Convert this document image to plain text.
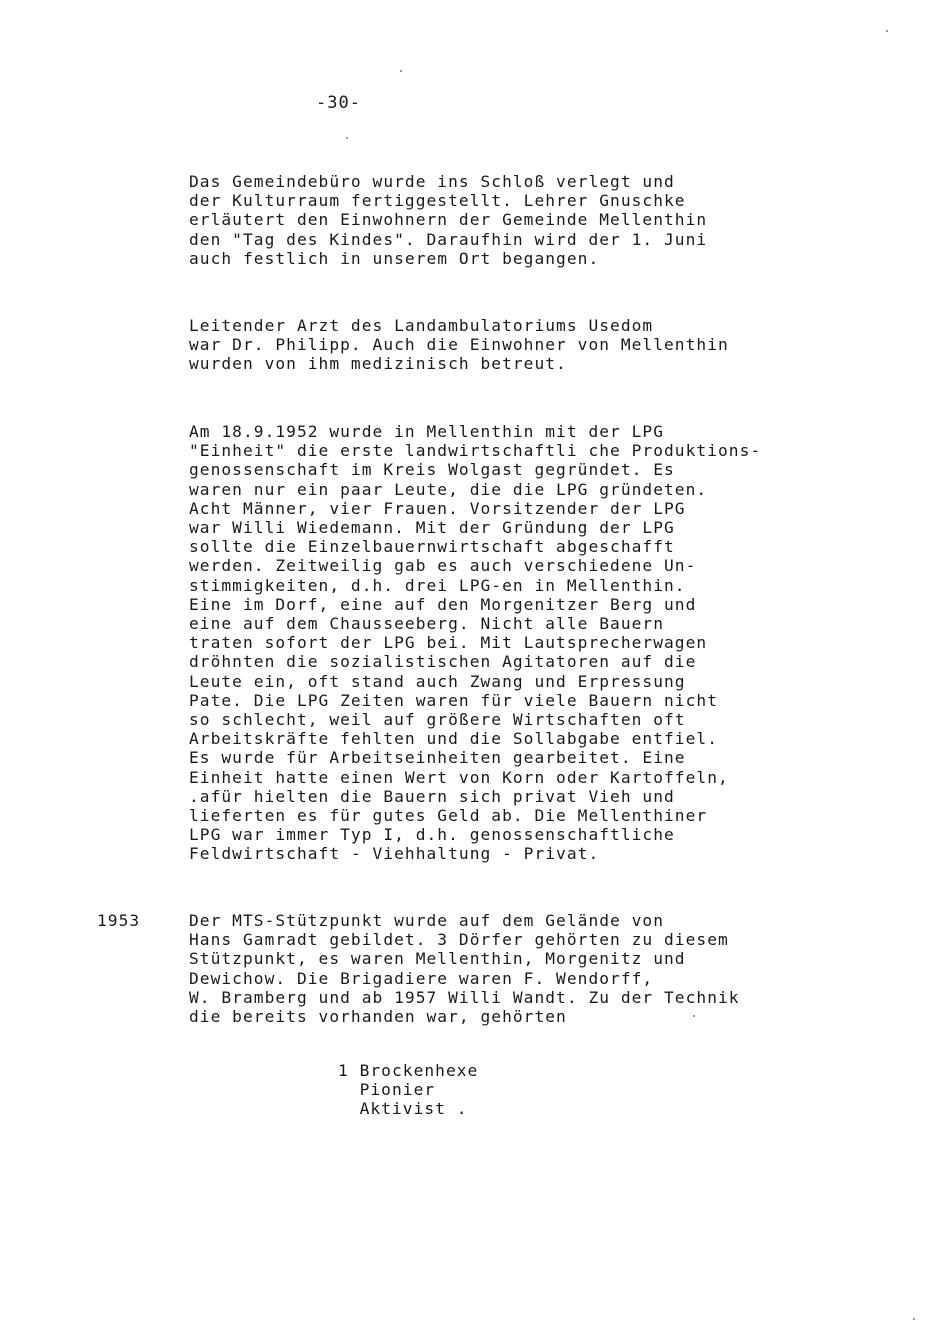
-30-

Das Gemeindebüro wurde ins Schloß verlegt und
der Kulturraum fertiggestellt. Lehrer Gnuschke
erläutert den Einwohnern der Gemeinde Mellenthin
den "Tag des Kindes". Daraufhin wird der 1. Juni
auch festlich in unserem Ort begangen.

Leitender Arzt des Landambulatoriums Usedom
war Dr. Philipp. Auch die Einwohner von Mellenthin
wurden von ihm medizinisch betreut.

Am 18.9.1952 wurde in Mellenthin mit der LPG
"Einheit" die erste landwirtschaftli che Produktions-
genossenschaft im Kreis Wolgast gegründet. Es
waren nur ein paar Leute, die die LPG gründeten.
Acht Männer, vier Frauen. Vorsitzender der LPG
war Willi Wiedemann. Mit der Gründung der LPG
sollte die Einzelbauernwirtschaft abgeschafft
werden. Zeitweilig gab es auch verschiedene Un-
stimmigkeiten, d.h. drei LPG-en in Mellenthin.
Eine im Dorf, eine auf den Morgenitzer Berg und
eine auf dem Chausseeberg. Nicht alle Bauern
traten sofort der LPG bei. Mit Lautsprecherwagen
dröhnten die sozialistischen Agitatoren auf die
Leute ein, oft stand auch Zwang und Erpressung
Pate. Die LPG Zeiten waren für viele Bauern nicht
so schlecht, weil auf größere Wirtschaften oft
Arbeitskräfte fehlten und die Sollabgabe entfiel.
Es wurde für Arbeitseinheiten gearbeitet. Eine
Einheit hatte einen Wert von Korn oder Kartoffeln,
.afür hielten die Bauern sich privat Vieh und
lieferten es für gutes Geld ab. Die Mellenthiner
LPG war immer Typ I, d.h. genossenschaftliche
Feldwirtschaft - Viehhaltung - Privat.

1953	Der MTS-Stützpunkt wurde auf dem Gelände von
Hans Gamradt gebildet. 3 Dörfer gehörten zu diesem
Stützpunkt, es waren Mellenthin, Morgenitz und
Dewichow. Die Brigadiere waren F. Wendorff,
W. Bramberg und ab 1957 Willi Wandt. Zu der Technik
die bereits vorhanden war, gehörten

1 Brockenhexe
Pionier
Aktivist .
